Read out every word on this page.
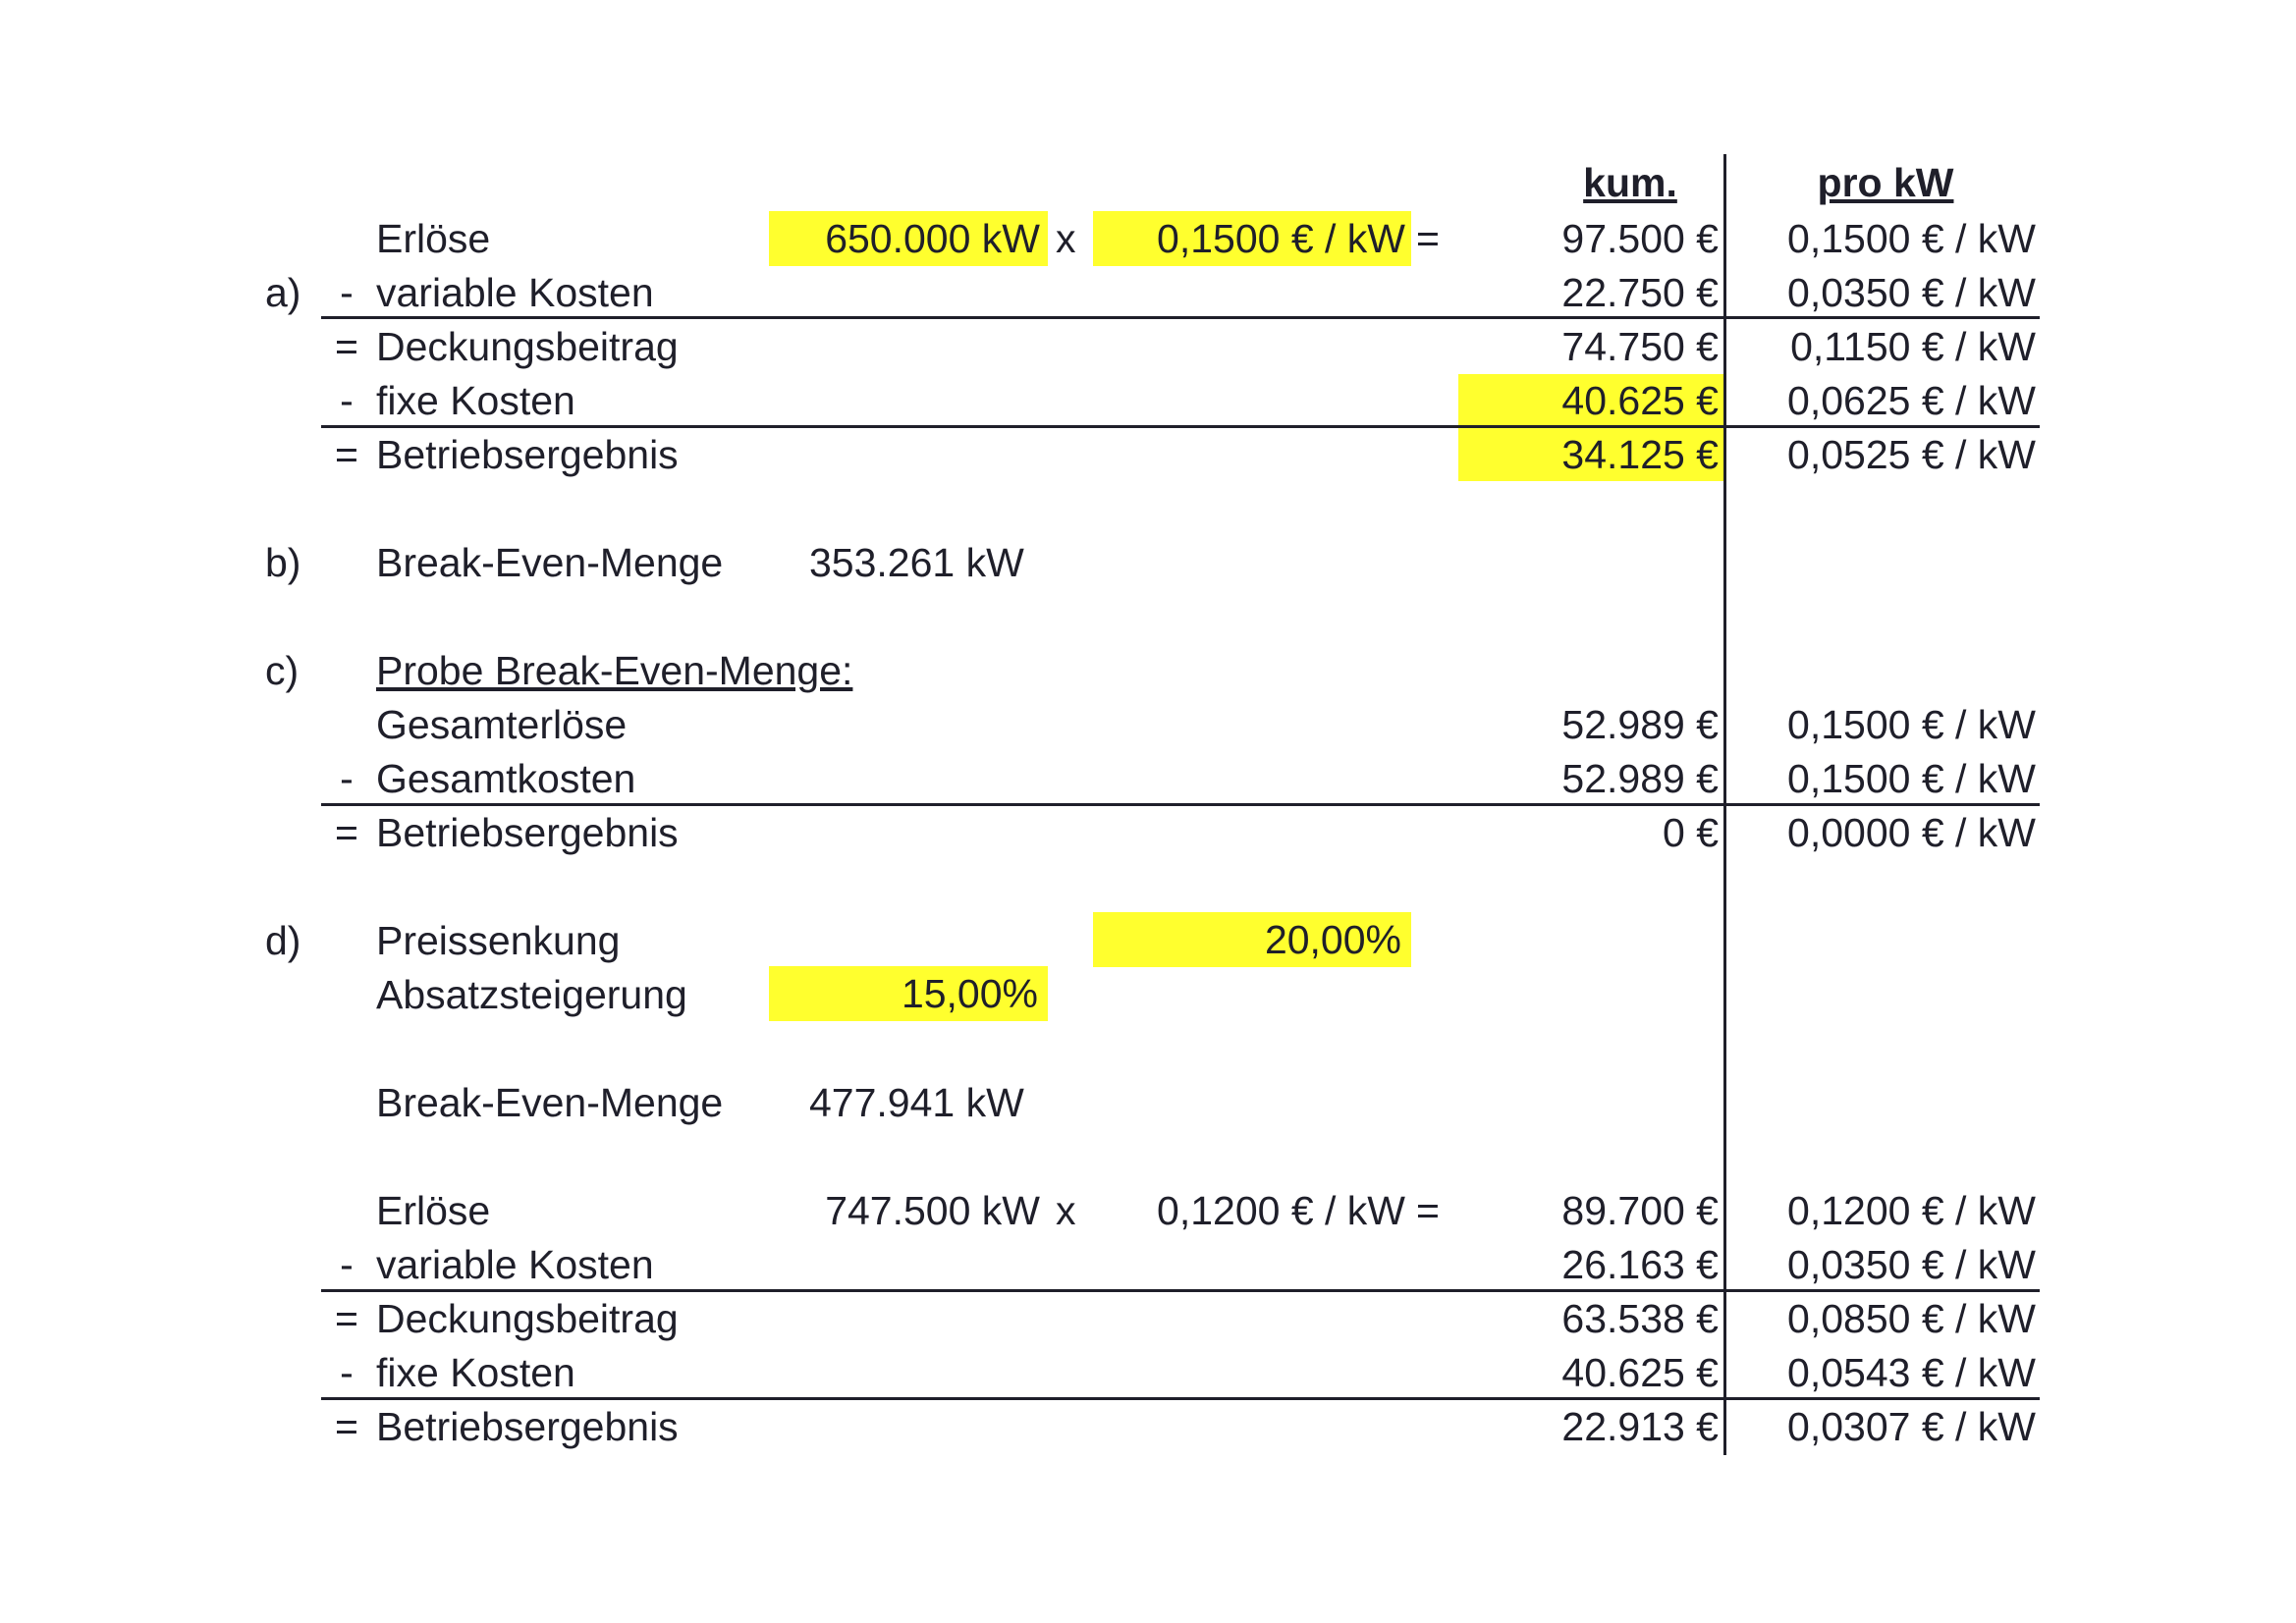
kum.	pro kW
a)
Erlöse	650.000 kW x	0,1500 € / kW =	97.500 €	0,1500 € / kW
- variable Kosten	22.750 €	0,0350 € / kW
= Deckungsbeitrag	74.750 €	0,1150 € / kW
- fixe Kosten	40.625 €	0,0625 € / kW
= Betriebsergebnis	34.125 €	0,0525 € / kW
b) Break-Even-Menge 353.261 kW
c) Probe Break-Even-Menge:
Gesamterlöse	52.989 €	0,1500 € / kW
- Gesamtkosten	52.989 €	0,1500 € / kW
= Betriebsergebnis	0 €	0,0000 € / kW
d) Preissenkung	20,00%
Absatzsteigerung	15,00%
Break-Even-Menge 477.941 kW
Erlöse	747.500 kW x	0,1200 € / kW =	89.700 €	0,1200 € / kW
- variable Kosten	26.163 €	0,0350 € / kW
= Deckungsbeitrag	63.538 €	0,0850 € / kW
- fixe Kosten	40.625 €	0,0543 € / kW
= Betriebsergebnis	22.913 €	0,0307 € / kW
